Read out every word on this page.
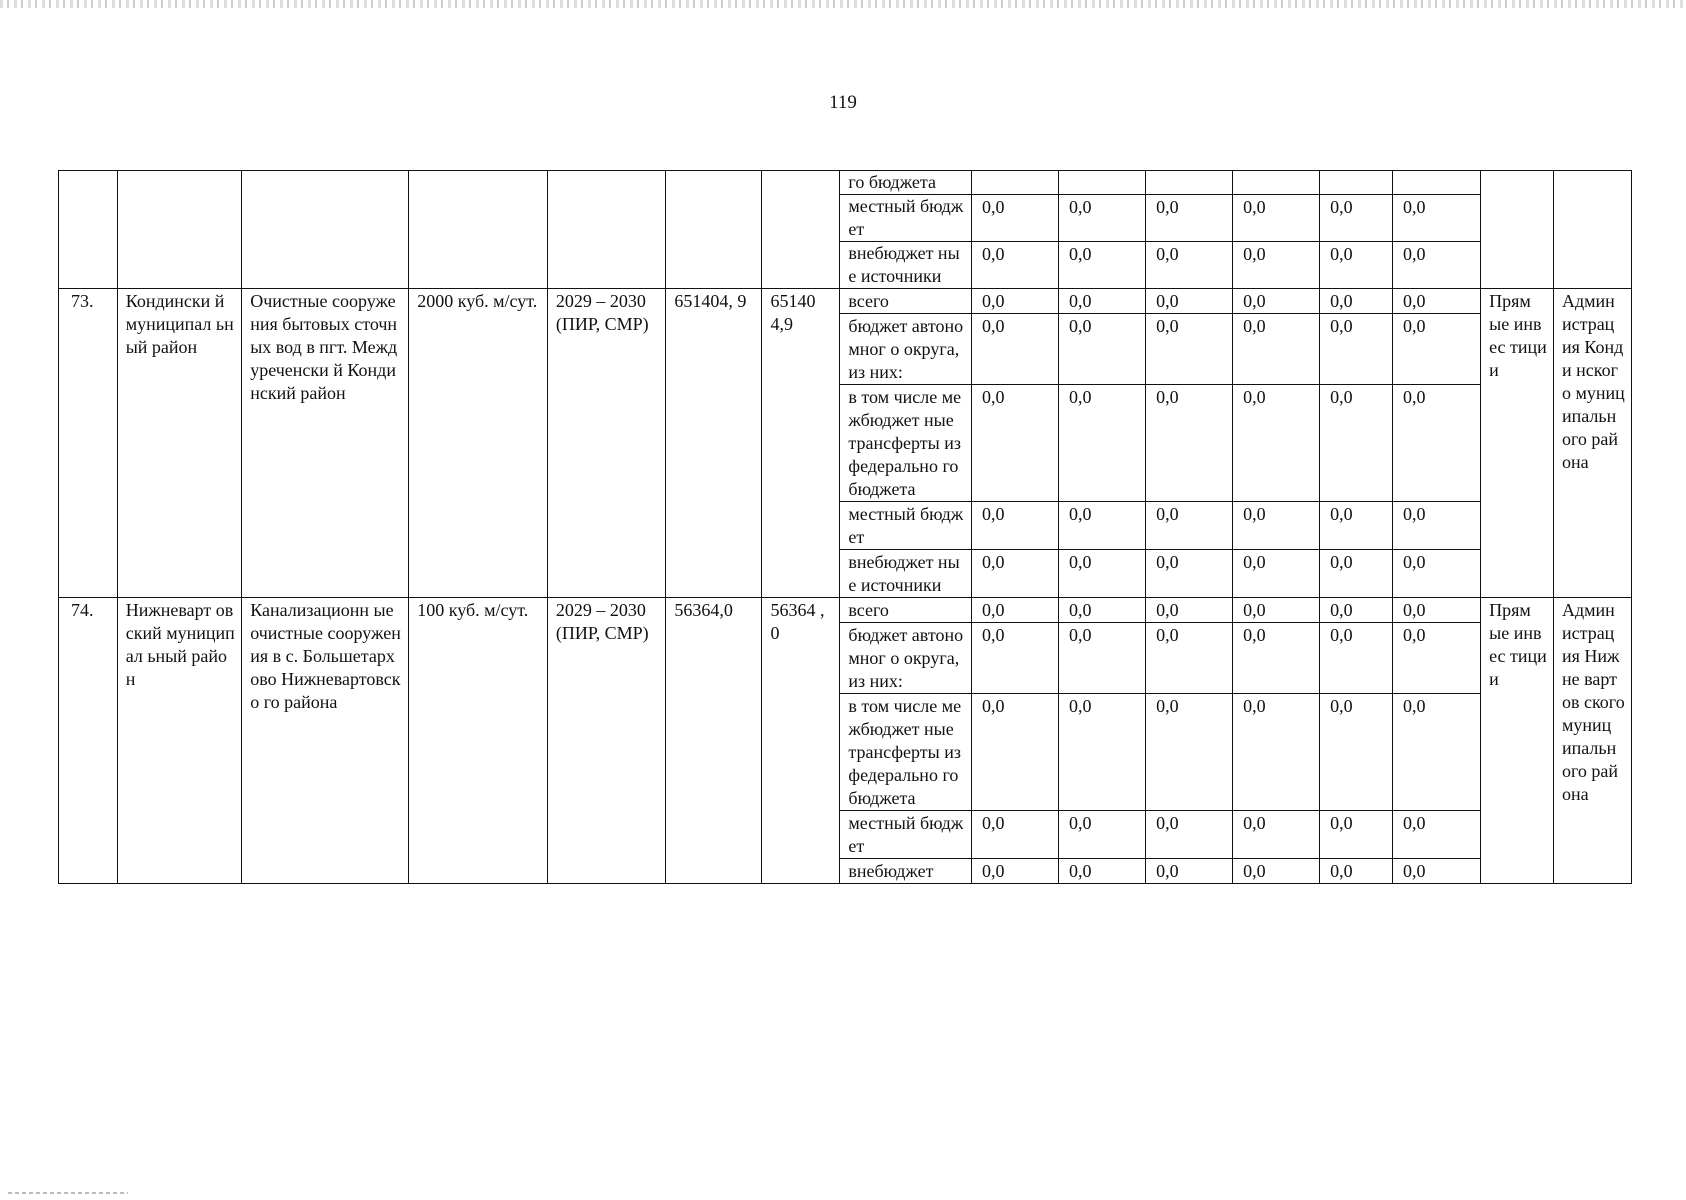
119
							го бюджета								
							местный бюджет	0,0	0,0	0,0	0,0	0,0	0,0		
							внебюджет ные источники	0,0	0,0	0,0	0,0	0,0	0,0		
73.	Кондински й муниципал ьный район	Очистные сооружения бытовых сточных вод в пгт. Междуреченски й Кондинский район	2000 куб. м/сут.	2029 – 2030 (ПИР, СМР)	651404, 9	65140 4,9	всего	0,0	0,0	0,0	0,0	0,0	0,0	Прям ые инвес тици и	Админ истрац ия Конди нского муниц ипальн ого района
							бюджет автономног о округа, из них:	0,0	0,0	0,0	0,0	0,0	0,0		
							в том числе межбюджет ные трансферты из федерально го бюджета	0,0	0,0	0,0	0,0	0,0	0,0		
							местный бюджет	0,0	0,0	0,0	0,0	0,0	0,0		
							внебюджет ные источники	0,0	0,0	0,0	0,0	0,0	0,0		
74.	Нижневарт овский муниципал ьный район	Канализационн ые очистные сооружения в с. Большетархово Нижневартовско го района	100 куб. м/сут.	2029 – 2030 (ПИР, СМР)	56364,0	56364 ,0	всего	0,0	0,0	0,0	0,0	0,0	0,0	Прям ые инвес тици и	Админ истрац ия Нижне вартов ского муниц ипальн ого района
							бюджет автономног о округа, из них:	0,0	0,0	0,0	0,0	0,0	0,0		
							в том числе межбюджет ные трансферты из федерально го бюджета	0,0	0,0	0,0	0,0	0,0	0,0		
							местный бюджет	0,0	0,0	0,0	0,0	0,0	0,0		
							внебюджет	0,0	0,0	0,0	0,0	0,0	0,0		
